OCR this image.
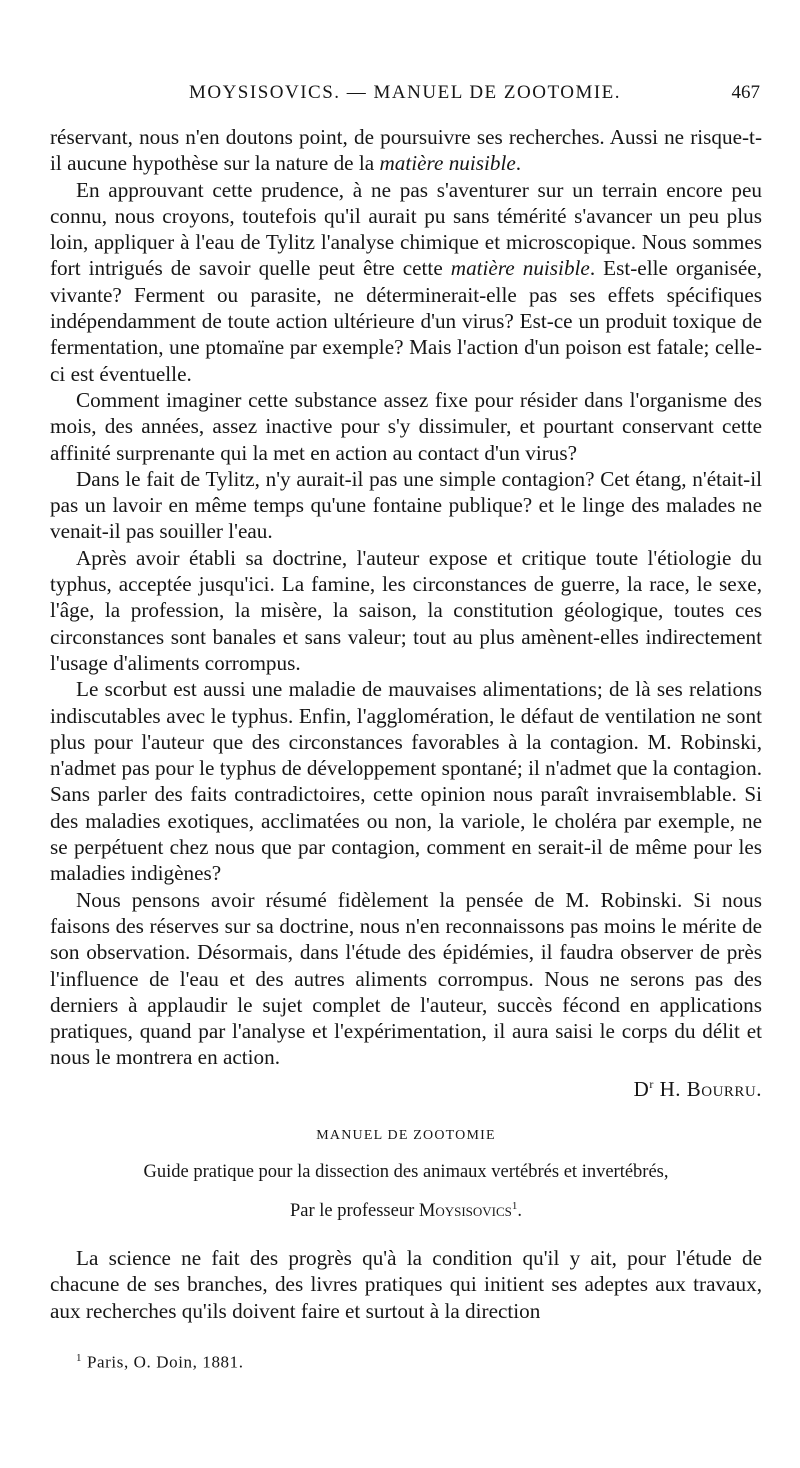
MOYSISOVICS. — MANUEL DE ZOOTOMIE.	467

réservant, nous n'en doutons point, de poursuivre ses recherches. Aussi ne risque-t-il aucune hypothèse sur la nature de la matière nuisible.

En approuvant cette prudence, à ne pas s'aventurer sur un terrain encore peu connu, nous croyons, toutefois qu'il aurait pu sans témérité s'avancer un peu plus loin, appliquer à l'eau de Tylitz l'analyse chimique et microscopique. Nous sommes fort intrigués de savoir quelle peut être cette matière nuisible. Est-elle organisée, vivante? Ferment ou parasite, ne déterminerait-elle pas ses effets spécifiques indépendamment de toute action ultérieure d'un virus? Est-ce un produit toxique de fermentation, une ptomaïne par exemple? Mais l'action d'un poison est fatale; celle-ci est éventuelle.

Comment imaginer cette substance assez fixe pour résider dans l'organisme des mois, des années, assez inactive pour s'y dissimuler, et pourtant conservant cette affinité surprenante qui la met en action au contact d'un virus?

Dans le fait de Tylitz, n'y aurait-il pas une simple contagion? Cet étang, n'était-il pas un lavoir en même temps qu'une fontaine publique? et le linge des malades ne venait-il pas souiller l'eau.

Après avoir établi sa doctrine, l'auteur expose et critique toute l'étiologie du typhus, acceptée jusqu'ici. La famine, les circonstances de guerre, la race, le sexe, l'âge, la profession, la misère, la saison, la constitution géologique, toutes ces circonstances sont banales et sans valeur; tout au plus amènent-elles indirectement l'usage d'aliments corrompus.

Le scorbut est aussi une maladie de mauvaises alimentations; de là ses relations indiscutables avec le typhus. Enfin, l'agglomération, le défaut de ventilation ne sont plus pour l'auteur que des circonstances favorables à la contagion. M. Robinski, n'admet pas pour le typhus de développement spontané; il n'admet que la contagion. Sans parler des faits contradictoires, cette opinion nous paraît invraisemblable. Si des maladies exotiques, acclimatées ou non, la variole, le choléra par exemple, ne se perpétuent chez nous que par contagion, comment en serait-il de même pour les maladies indigènes?

Nous pensons avoir résumé fidèlement la pensée de M. Robinski. Si nous faisons des réserves sur sa doctrine, nous n'en reconnaissons pas moins le mérite de son observation. Désormais, dans l'étude des épidémies, il faudra observer de près l'influence de l'eau et des autres aliments corrompus. Nous ne serons pas des derniers à applaudir le sujet complet de l'auteur, succès fécond en applications pratiques, quand par l'analyse et l'expérimentation, il aura saisi le corps du délit et nous le montrera en action.

$D^r$ H. Bourru.

MANUEL DE ZOOTOMIE
Guide pratique pour la dissection des animaux vertébrés et invertébrés,
Par le professeur Moysisovics$^1$.

La science ne fait des progrès qu'à la condition qu'il y ait, pour l'étude de chacune de ses branches, des livres pratiques qui initient ses adeptes aux travaux, aux recherches qu'ils doivent faire et surtout à la direction

$^1$ Paris, O. Doin, 1881.
